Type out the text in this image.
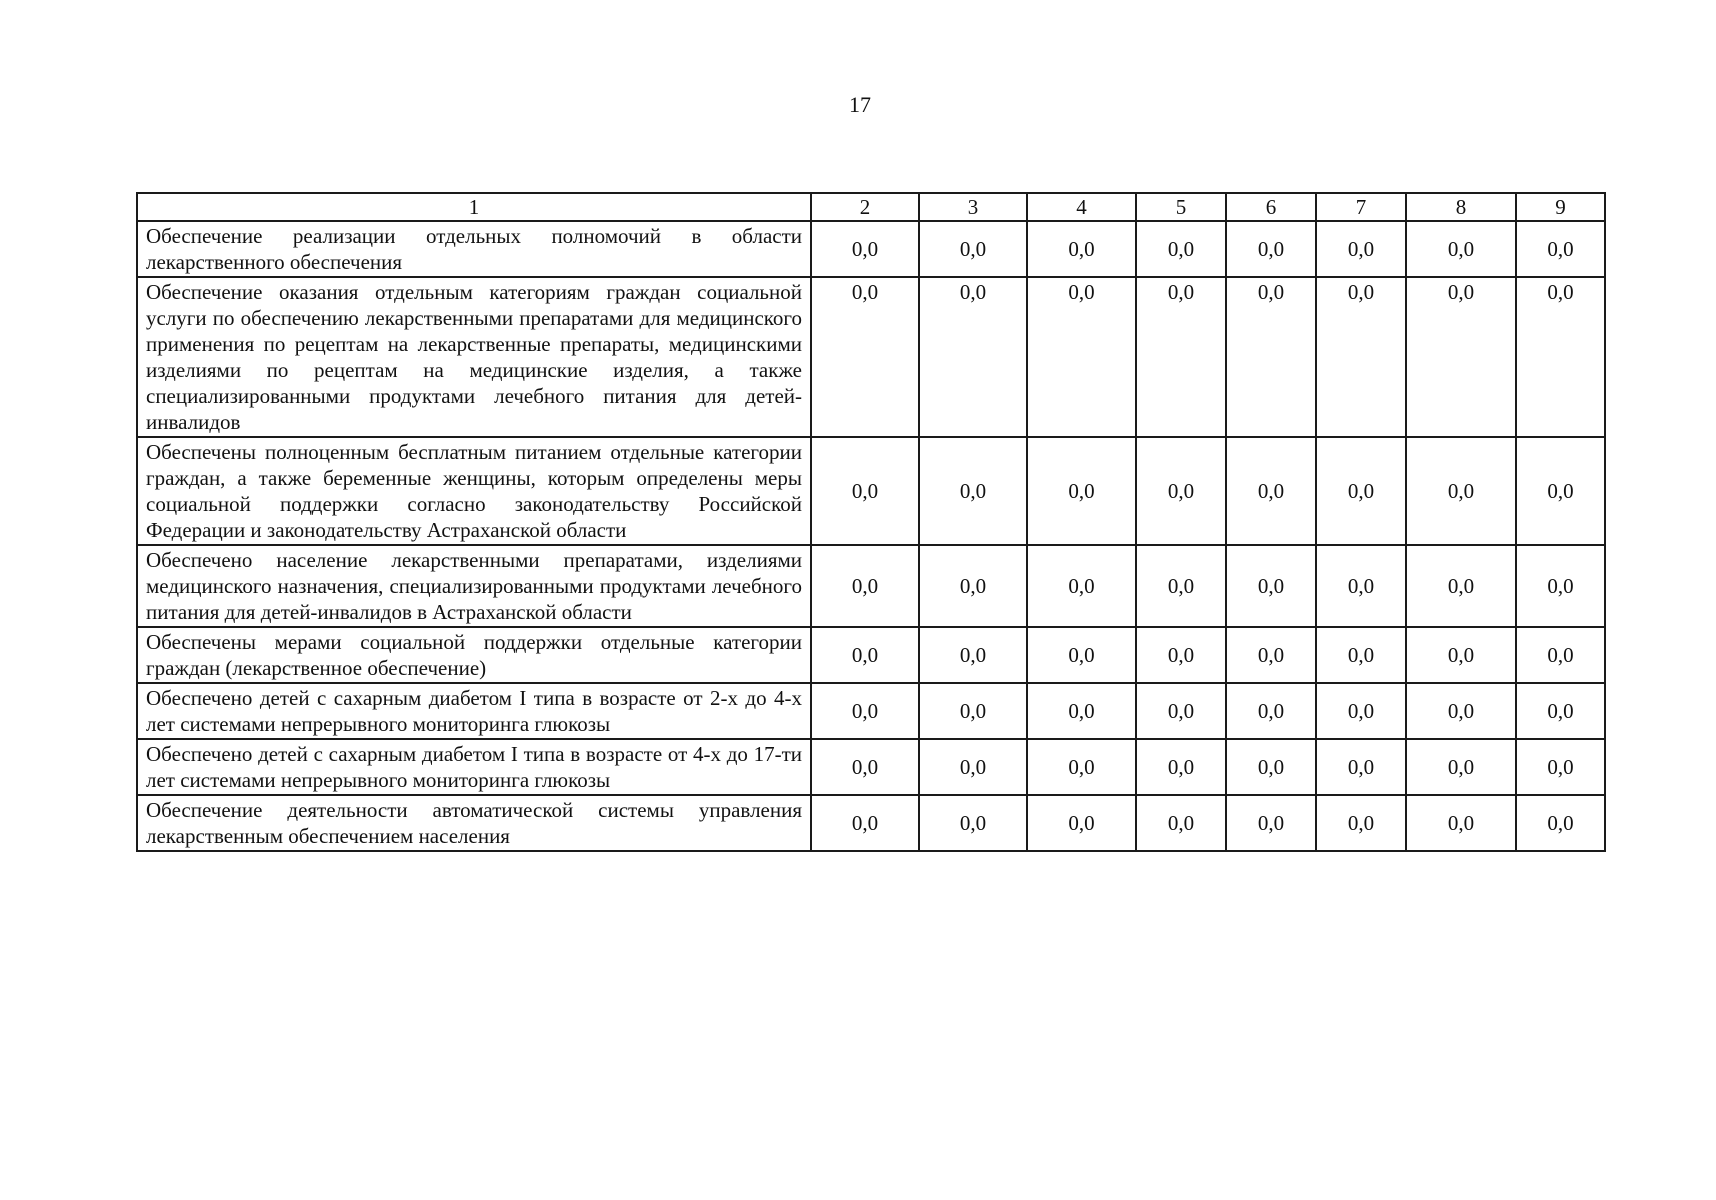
17
1	2	3	4	5	6	7	8	9
Обеспечение реализации отдельных полномочий в области лекарственного обеспечения	0,0	0,0	0,0	0,0	0,0	0,0	0,0	0,0
Обеспечение оказания отдельным категориям граждан социальной услуги по обеспечению лекарственными препаратами для медицинского применения по рецептам на лекарственные препараты, медицинскими изделиями по рецептам на медицинские изделия, а также специализированными продуктами лечебного питания для детей-инвалидов	0,0	0,0	0,0	0,0	0,0	0,0	0,0	0,0
Обеспечены полноценным бесплатным питанием отдельные категории граждан, а также беременные женщины, которым определены меры социальной поддержки согласно законодательству Российской Федерации и законодательству Астраханской области	0,0	0,0	0,0	0,0	0,0	0,0	0,0	0,0
Обеспечено население лекарственными препаратами, изделиями медицинского назначения, специализированными продуктами лечебного питания для детей-инвалидов в Астраханской области	0,0	0,0	0,0	0,0	0,0	0,0	0,0	0,0
Обеспечены мерами социальной поддержки отдельные категории граждан (лекарственное обеспечение)	0,0	0,0	0,0	0,0	0,0	0,0	0,0	0,0
Обеспечено детей с сахарным диабетом I типа в возрасте от 2-х до 4-х лет системами непрерывного мониторинга глюкозы	0,0	0,0	0,0	0,0	0,0	0,0	0,0	0,0
Обеспечено детей с сахарным диабетом I типа в возрасте от 4-х до 17-ти лет системами непрерывного мониторинга глюкозы	0,0	0,0	0,0	0,0	0,0	0,0	0,0	0,0
Обеспечение деятельности автоматической системы управления лекарственным обеспечением населения	0,0	0,0	0,0	0,0	0,0	0,0	0,0	0,0
